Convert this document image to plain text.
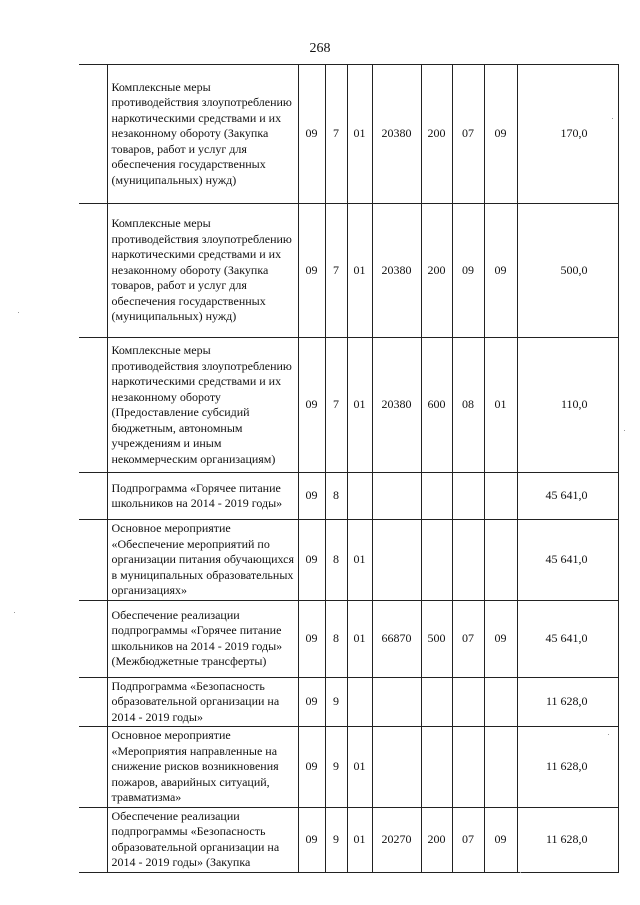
268
	Комплексные меры противодействия злоупотреблению наркотическими средствами и их незаконному обороту (Закупка товаров, работ и услуг для обеспечения государственных (муниципальных) нужд)	09	7	01	20380	200	07	09	170,0
	Комплексные меры противодействия злоупотреблению наркотическими средствами и их незаконному обороту (Закупка товаров, работ и услуг для обеспечения государственных (муниципальных) нужд)	09	7	01	20380	200	09	09	500,0
	Комплексные меры противодействия злоупотреблению наркотическими средствами и их незаконному обороту (Предоставление субсидий бюджетным, автономным учреждениям и иным некоммерческим организациям)	09	7	01	20380	600	08	01	110,0
	Подпрограмма «Горячее питание школьников на 2014 - 2019 годы»	09	8						45 641,0
	Основное мероприятие «Обеспечение мероприятий по организации питания обучающихся в муниципальных образовательных организациях»	09	8	01					45 641,0
	Обеспечение реализации подпрограммы «Горячее питание школьников на 2014 - 2019 годы» (Межбюджетные трансферты)	09	8	01	66870	500	07	09	45 641,0
	Подпрограмма «Безопасность образовательной организации на 2014 - 2019 годы»	09	9						11 628,0
	Основное мероприятие «Мероприятия направленные на снижение рисков возникновения пожаров, аварийных ситуаций, травматизма»	09	9	01					11 628,0
	Обеспечение реализации подпрограммы «Безопасность образовательной организации на 2014 - 2019 годы» (Закупка	09	9	01	20270	200	07	09	11 628,0
